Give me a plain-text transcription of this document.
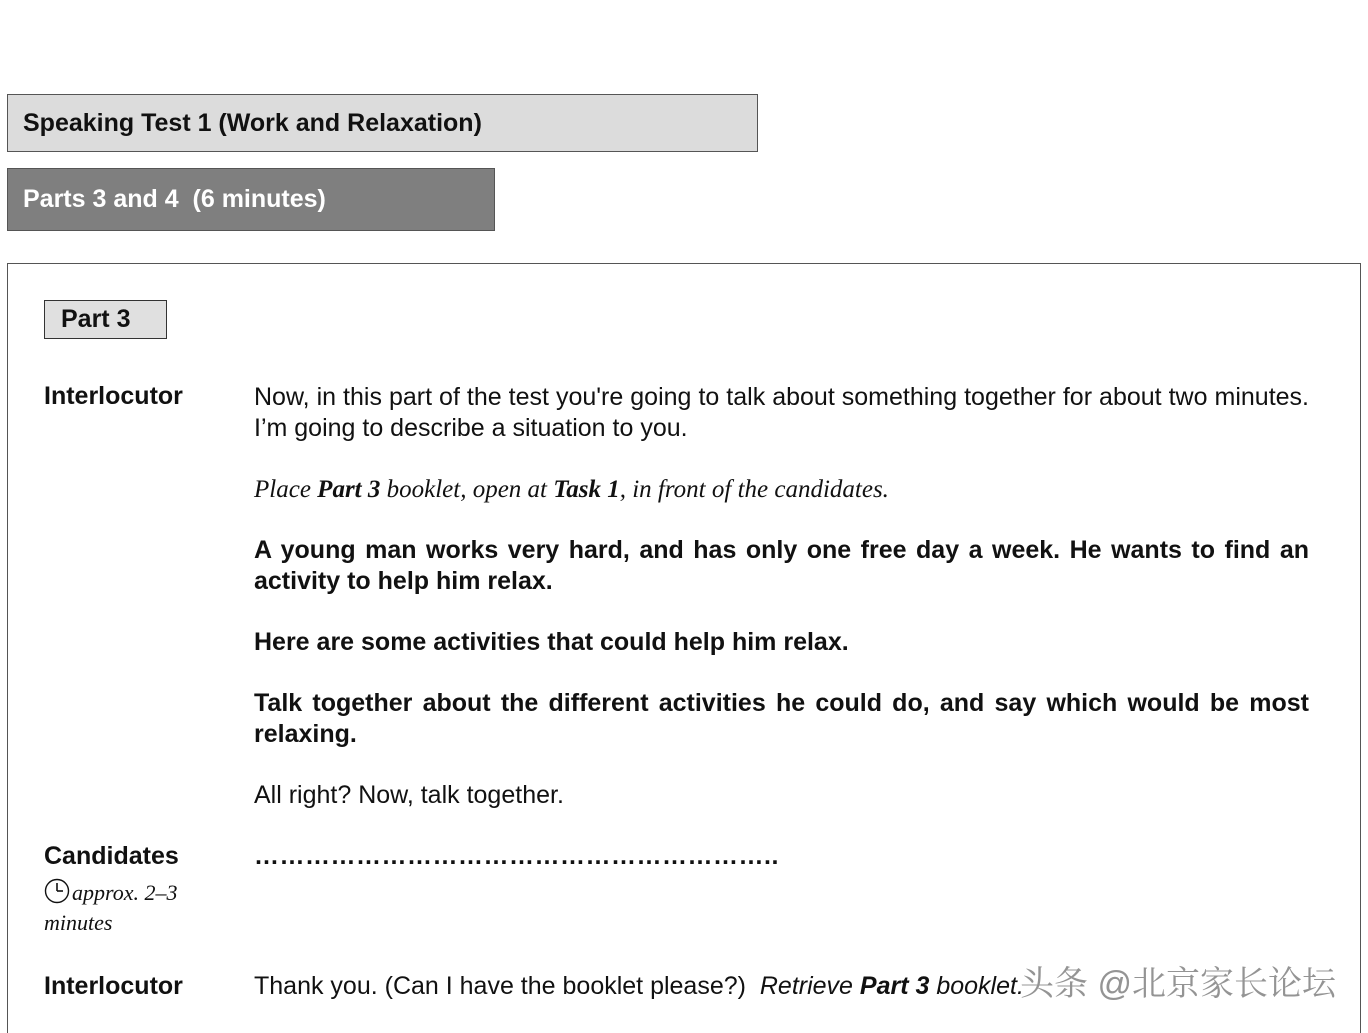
Speaking Test 1 (Work and Relaxation)
Parts 3 and 4  (6 minutes)
Part 3
Interlocutor	Now, in this part of the test you're going to talk about something together for about two minutes. I’m going to describe a situation to you.
Place Part 3 booklet, open at Task 1, in front of the candidates.
A young man works very hard, and has only one free day a week. He wants to find an activity to help him relax.
Here are some activities that could help him relax.
Talk together about the different activities he could do, and say which would be most relaxing.
All right? Now, talk together.
Candidates	……………………………………………………..
approx. 2–3 minutes
Interlocutor	Thank you. (Can I have the booklet please?)  Retrieve Part 3 booklet.
头条 @北京家长论坛
